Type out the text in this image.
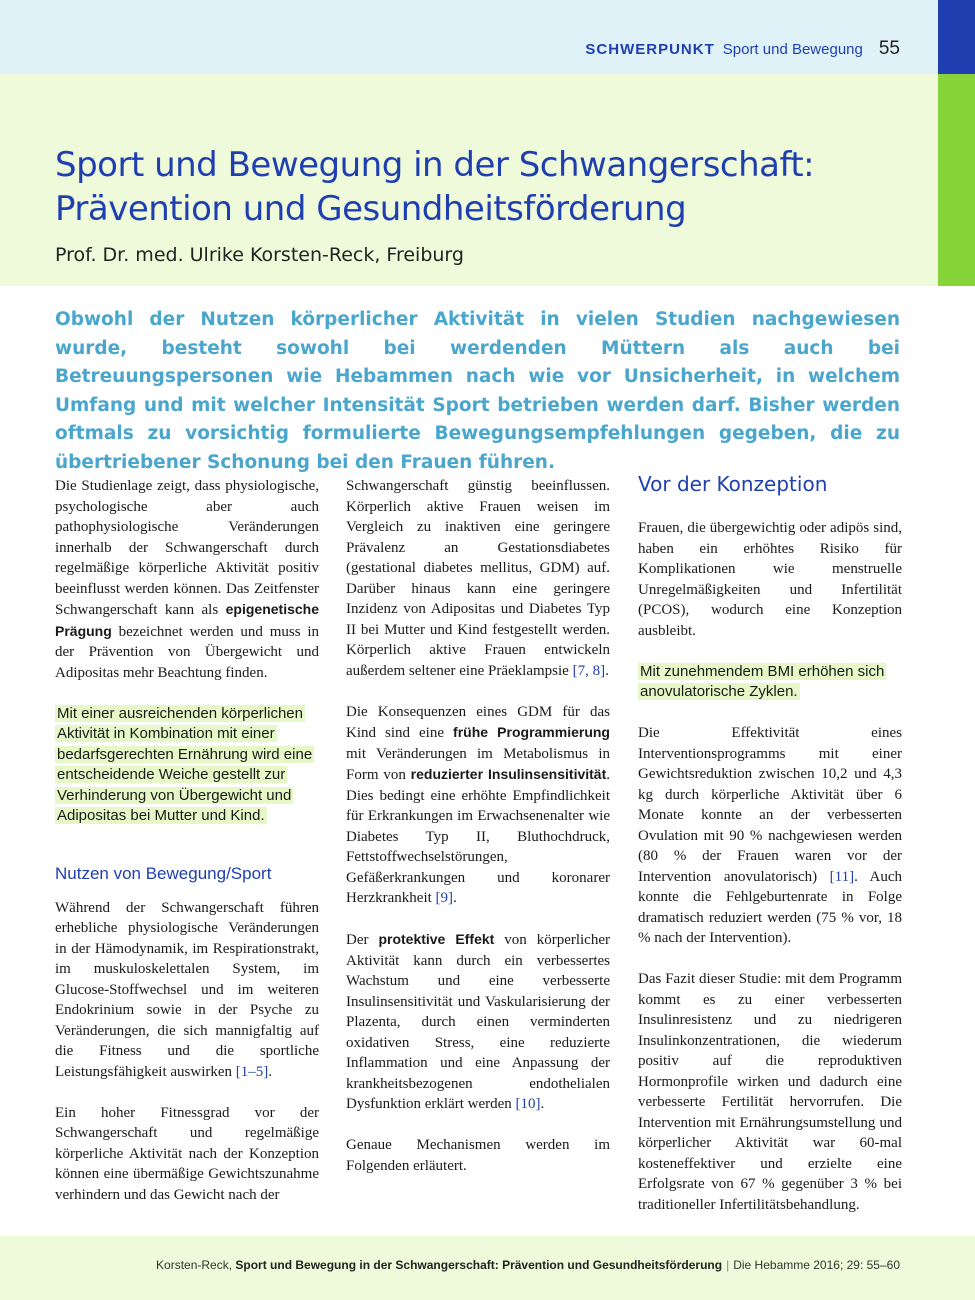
SCHWERPUNKT Sport und Bewegung 55
Sport und Bewegung in der Schwangerschaft: Prävention und Gesundheitsförderung
Prof. Dr. med. Ulrike Korsten-Reck, Freiburg

Obwohl der Nutzen körperlicher Aktivität in vielen Studien nachgewiesen wurde, besteht sowohl bei werdenden Müttern als auch bei Betreuungspersonen wie Hebammen nach wie vor Unsicherheit, in welchem Umfang und mit welcher Intensität Sport betrieben werden darf. Bisher werden oftmals zu vorsichtig formulierte Bewegungsempfehlungen gegeben, die zu übertriebener Schonung bei den Frauen führen.

Die Studienlage zeigt, dass physiologische, psychologische aber auch pathophysiologische Veränderungen innerhalb der Schwangerschaft durch regelmäßige körperliche Aktivität positiv beeinflusst werden können. Das Zeitfenster Schwangerschaft kann als epigenetische Prägung bezeichnet werden und muss in der Prävention von Übergewicht und Adipositas mehr Beachtung finden.

Mit einer ausreichenden körperlichen Aktivität in Kombination mit einer bedarfsgerechten Ernährung wird eine entscheidende Weiche gestellt zur Verhinderung von Übergewicht und Adipositas bei Mutter und Kind.
Nutzen von Bewegung/Sport

Während der Schwangerschaft führen erhebliche physiologische Veränderungen in der Hämodynamik, im Respirationstrakt, im muskuloskelettalen System, im Glucose-Stoffwechsel und im weiteren Endokrinium sowie in der Psyche zu Veränderungen, die sich mannigfaltig auf die Fitness und die sportliche Leistungsfähigkeit auswirken [1–5].

Ein hoher Fitnessgrad vor der Schwangerschaft und regelmäßige körperliche Aktivität nach der Konzeption können eine übermäßige Gewichtszunahme verhindern und das Gewicht nach der

Schwangerschaft günstig beeinflussen. Körperlich aktive Frauen weisen im Vergleich zu inaktiven eine geringere Prävalenz an Gestationsdiabetes (gestational diabetes mellitus, GDM) auf. Darüber hinaus kann eine geringere Inzidenz von Adipositas und Diabetes Typ II bei Mutter und Kind festgestellt werden. Körperlich aktive Frauen entwickeln außerdem seltener eine Präeklampsie [7, 8].

Die Konsequenzen eines GDM für das Kind sind eine frühe Programmierung mit Veränderungen im Metabolismus in Form von reduzierter Insulinsensitivität. Dies bedingt eine erhöhte Empfindlichkeit für Erkrankungen im Erwachsenenalter wie Diabetes Typ II, Bluthochdruck, Fettstoffwechselstörungen, Gefäßerkrankungen und koronarer Herzkrankheit [9].

Der protektive Effekt von körperlicher Aktivität kann durch ein verbessertes Wachstum und eine verbesserte Insulinsensitivität und Vaskularisierung der Plazenta, durch einen verminderten oxidativen Stress, eine reduzierte Inflammation und eine Anpassung der krankheitsbezogenen endothelialen Dysfunktion erklärt werden [10].

Genaue Mechanismen werden im Folgenden erläutert.

Vor der Konzeption

Frauen, die übergewichtig oder adipös sind, haben ein erhöhtes Risiko für Komplikationen wie menstruelle Unregelmäßigkeiten und Infertilität (PCOS), wodurch eine Konzeption ausbleibt.

Mit zunehmendem BMI erhöhen sich anovulatorische Zyklen.

Die Effektivität eines Interventionsprogramms mit einer Gewichtsreduktion zwischen 10,2 und 4,3 kg durch körperliche Aktivität über 6 Monate konnte an der verbesserten Ovulation mit 90 % nachgewiesen werden (80 % der Frauen waren vor der Intervention anovulatorisch) [11]. Auch konnte die Fehlgeburtenrate in Folge dramatisch reduziert werden (75 % vor, 18 % nach der Intervention).

Das Fazit dieser Studie: mit dem Programm kommt es zu einer verbesserten Insulinresistenz und zu niedrigeren Insulinkonzentrationen, die wiederum positiv auf die reproduktiven Hormonprofile wirken und dadurch eine verbesserte Fertilität hervorrufen. Die Intervention mit Ernährungsumstellung und körperlicher Aktivität war 60-mal kosteneffektiver und erzielte eine Erfolgsrate von 67 % gegenüber 3 % bei traditioneller Infertilitätsbehandlung.

Korsten-Reck, Sport und Bewegung in der Schwangerschaft: Prävention und Gesundheitsförderung | Die Hebamme 2016; 29: 55–60
